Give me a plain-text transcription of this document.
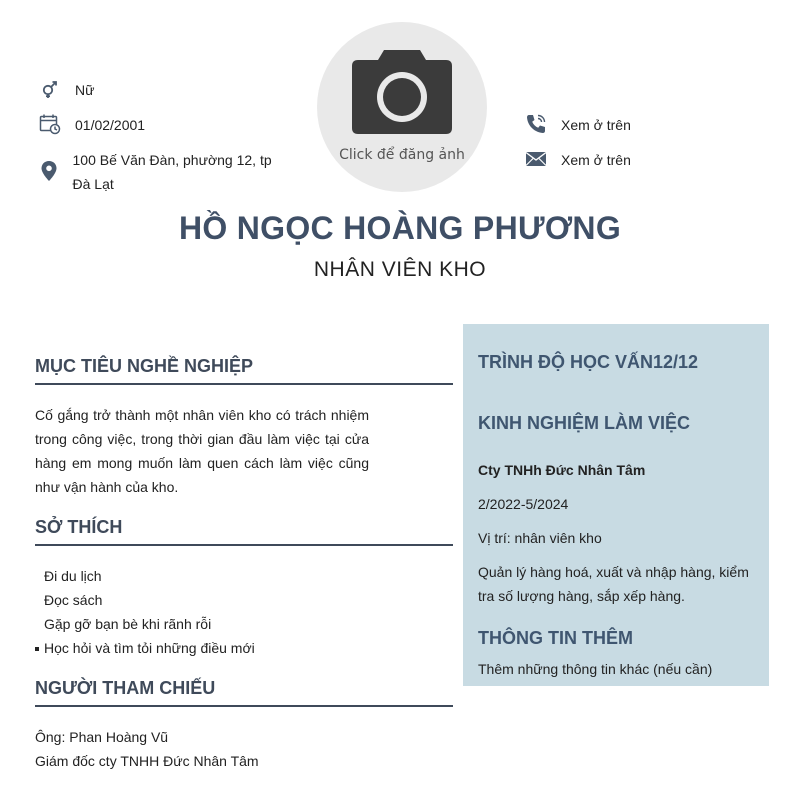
Nữ
01/02/2001
100 Bế Văn Đàn, phường 12, tp Đà Lạt
Click để đăng ảnh
Xem ở trên
Xem ở trên
HỒ NGỌC HOÀNG PHƯƠNG
NHÂN VIÊN KHO
MỤC TIÊU NGHỀ NGHIỆP

Cố gắng trở thành một nhân viên kho có trách nhiệm trong công việc, trong thời gian đầu làm việc tại cửa hàng em mong muốn làm quen cách làm việc cũng như vận hành của kho.

SỞ THÍCH
Đi du lịch
Đọc sách
Gặp gỡ bạn bè khi rãnh rỗi
Học hỏi và tìm tỏi những điều mới
NGƯỜI THAM CHIẾU
Ông: Phan Hoàng Vũ
Giám đốc cty TNHH Đức Nhân Tâm
TRÌNH ĐỘ HỌC VẤN12/12
KINH NGHIỆM LÀM VIỆC
Cty TNHh Đức Nhân Tâm
2/2022-5/2024
Vị trí: nhân viên kho
Quản lý hàng hoá, xuất và nhập hàng, kiểm tra số lượng hàng, sắp xếp hàng.
THÔNG TIN THÊM
Thêm những thông tin khác (nếu cần)
